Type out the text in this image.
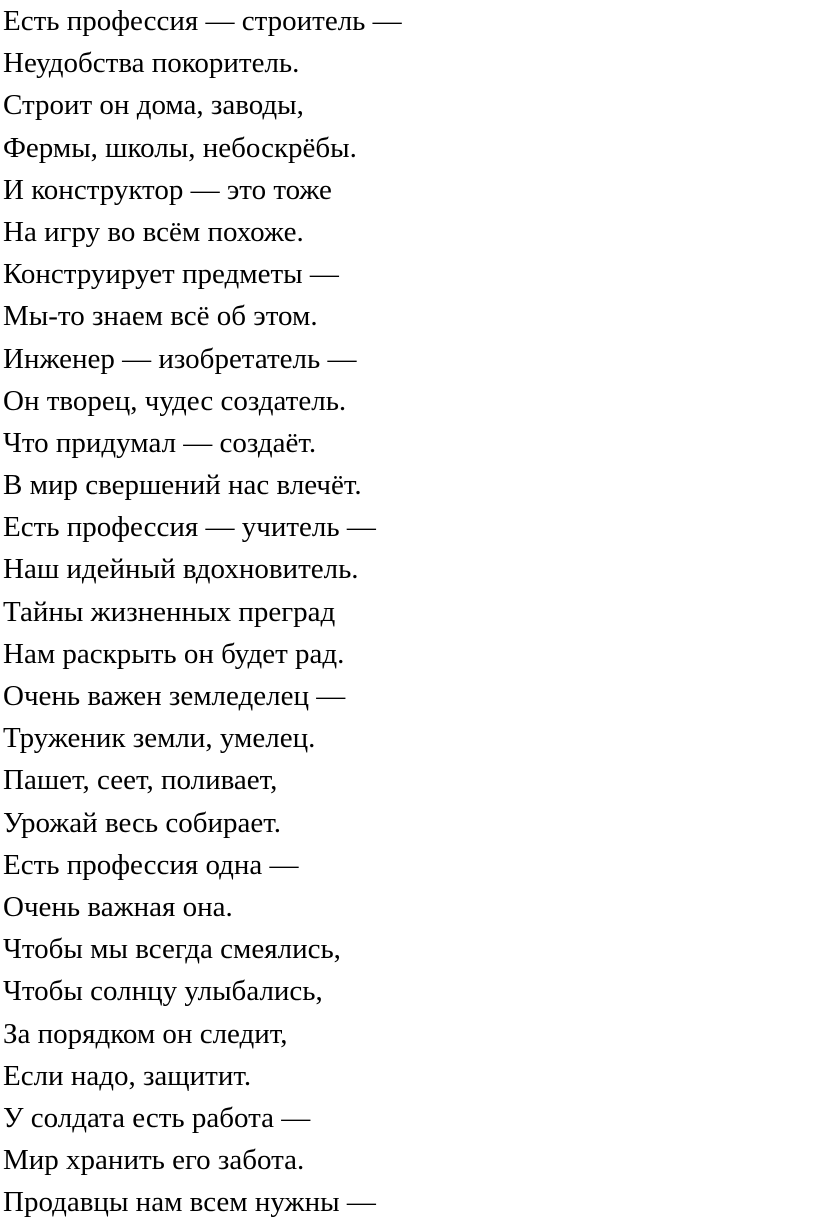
Есть профессия — строитель —
Неудобства покоритель.
Строит он дома, заводы,
Фермы, школы, небоскрёбы.
И конструктор — это тоже
На игру во всём похоже.
Конструирует предметы —
Мы-то знаем всё об этом.
Инженер — изобретатель —
Он творец, чудес создатель.
Что придумал — создаёт.
В мир свершений нас влечёт.
Есть профессия — учитель —
Наш идейный вдохновитель.
Тайны жизненных преград
Нам раскрыть он будет рад.
Очень важен земледелец —
Труженик земли, умелец.
Пашет, сеет, поливает,
Урожай весь собирает.
Есть профессия одна —
Очень важная она.
Чтобы мы всегда смеялись,
Чтобы солнцу улыбались,
За порядком он следит,
Если надо, защитит.
У солдата есть работа —
Мир хранить его забота.
Продавцы нам всем нужны —
